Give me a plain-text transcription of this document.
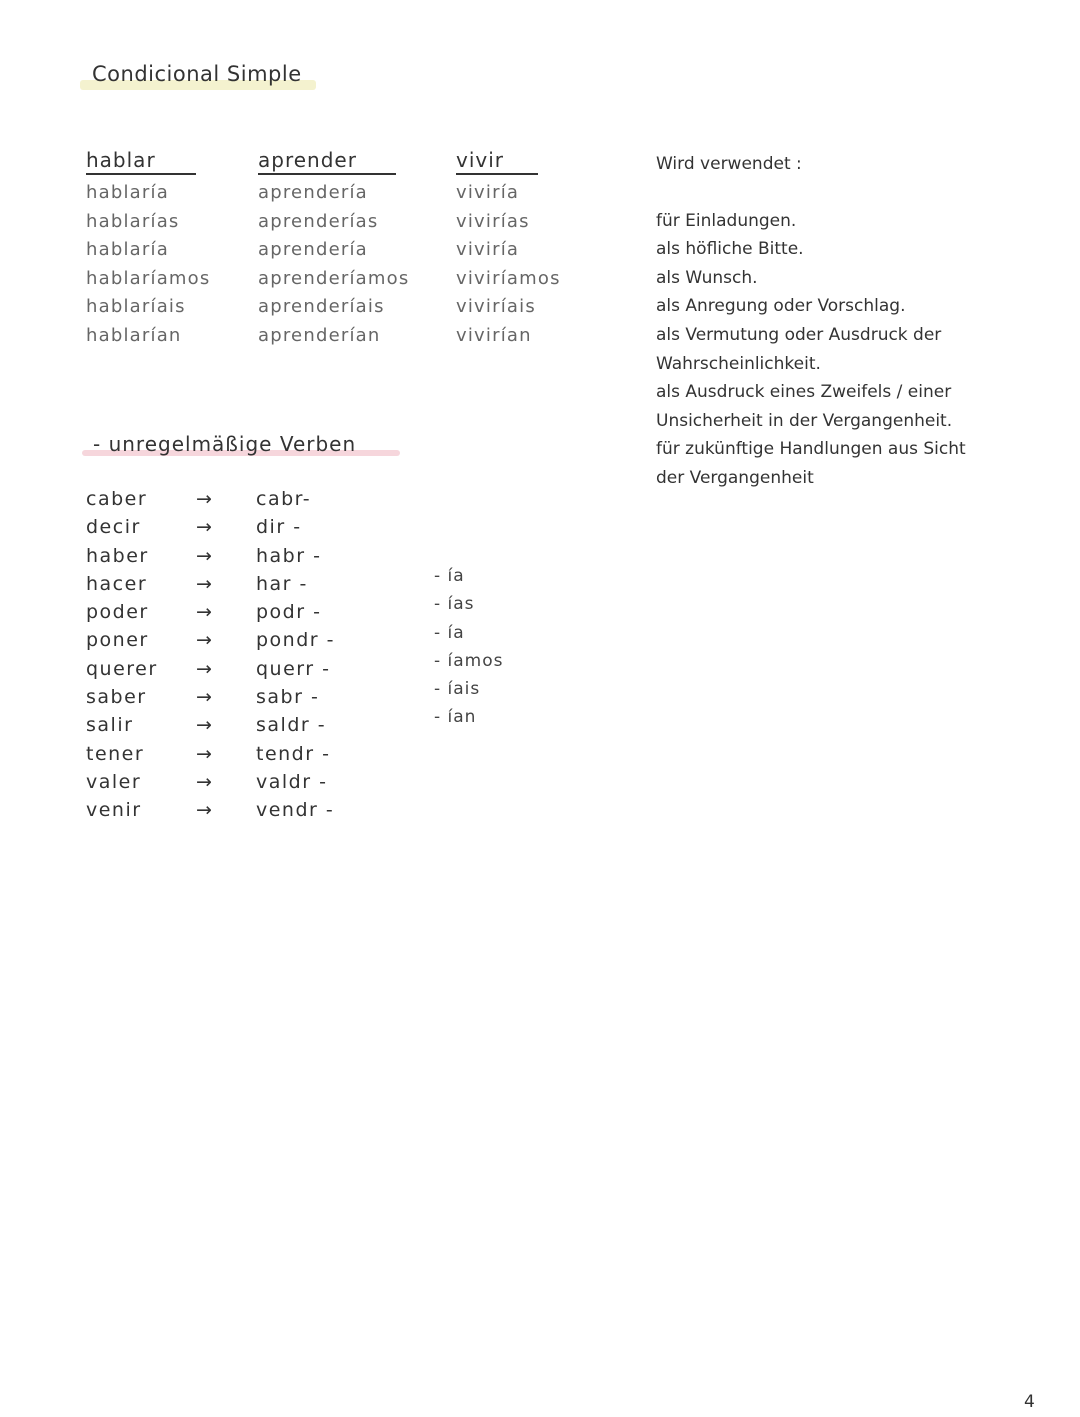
Condicional Simple
hablar
hablaría
hablarías
hablaría
hablaríamos
hablaríais
hablarían
aprender
aprendería
aprenderías
aprendería
aprenderíamos
aprenderíais
aprenderían
vivir
viviría
vivirías
viviría
viviríamos
viviríais
vivirían
- unregelmäßige Verben
caber
decir
haber
hacer
poder
poner
querer
saber
salir
tener
valer
venir
→
→
→
→
→
→
→
→
→
→
→
→
cabr-
dir -
habr -
har -
podr -
pondr -
querr -
sabr -
saldr -
tendr -
valdr -
vendr -
- ía
- ías
- ía
- íamos
- íais
- ían
Wird verwendet :
für Einladungen.
als höfliche Bitte.
als Wunsch.
als Anregung oder Vorschlag.
als Vermutung oder Ausdruck der Wahrscheinlichkeit.
als Ausdruck eines Zweifels / einer Unsicherheit in der Vergangenheit.
für zukünftige Handlungen aus Sicht der Vergangenheit
4
